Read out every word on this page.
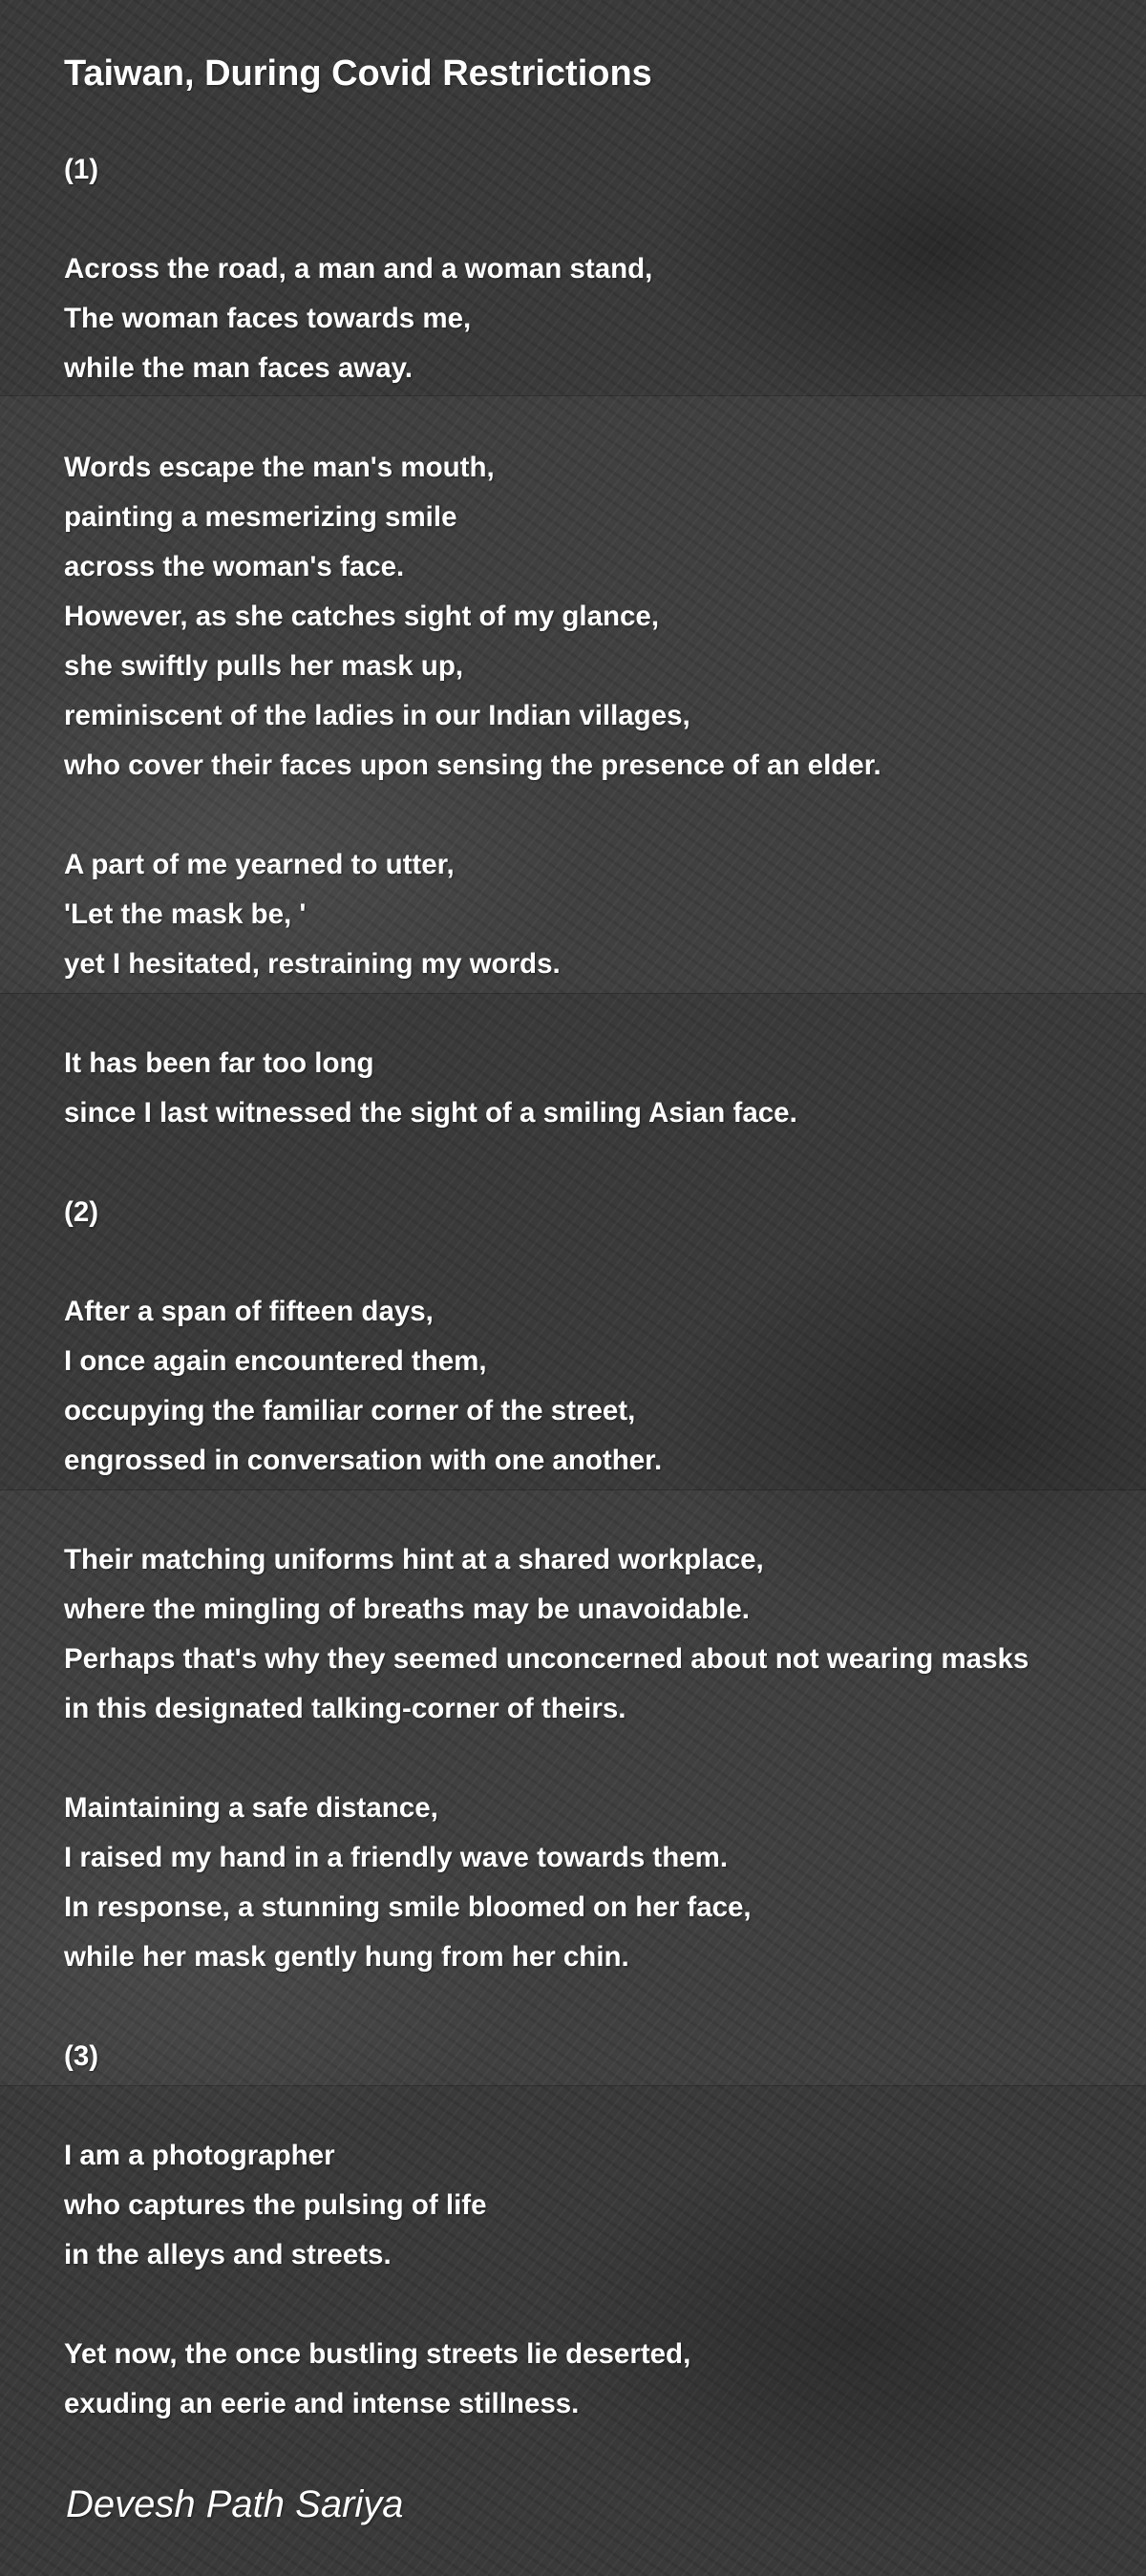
Taiwan, During Covid Restrictions
(1)
Across the road, a man and a woman stand,
The woman faces towards me,
while the man faces away.
Words escape the man's mouth,
painting a mesmerizing smile
across the woman's face.
However, as she catches sight of my glance,
she swiftly pulls her mask up,
reminiscent of the ladies in our Indian villages,
who cover their faces upon sensing the presence of an elder.
A part of me yearned to utter,
'Let the mask be, '
yet I hesitated, restraining my words.
It has been far too long
since I last witnessed the sight of a smiling Asian face.
(2)
After a span of fifteen days,
I once again encountered them,
occupying the familiar corner of the street,
engrossed in conversation with one another.
Their matching uniforms hint at a shared workplace,
where the mingling of breaths may be unavoidable.
Perhaps that's why they seemed unconcerned about not wearing masks
in this designated talking-corner of theirs.
Maintaining a safe distance,
I raised my hand in a friendly wave towards them.
In response, a stunning smile bloomed on her face,
while her mask gently hung from her chin.
(3)
I am a photographer
who captures the pulsing of life
in the alleys and streets.
Yet now, the once bustling streets lie deserted,
exuding an eerie and intense stillness.

Devesh Path Sariya
